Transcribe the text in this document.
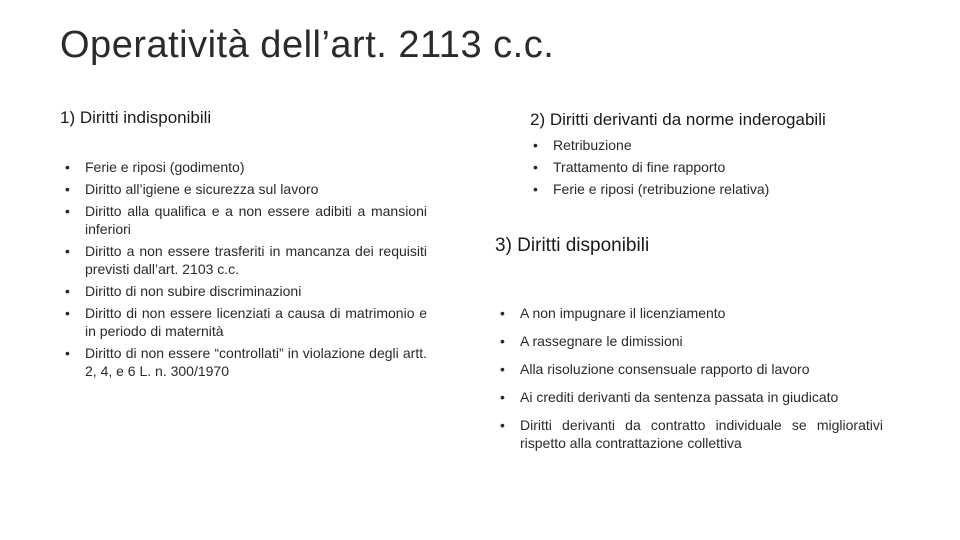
Operatività dell’art. 2113 c.c.
1) Diritti indisponibili
• Ferie e riposi (godimento)
• Diritto all’igiene e sicurezza sul lavoro
• Diritto alla qualifica e a non essere adibiti a mansioni inferiori
• Diritto a non essere trasferiti in mancanza dei requisiti previsti dall’art. 2103 c.c.
• Diritto di non subire discriminazioni
• Diritto di non essere licenziati a causa di matrimonio e in periodo di maternità
• Diritto di non essere “controllati” in violazione degli artt. 2, 4, e 6 L. n. 300/1970
2) Diritti derivanti da norme inderogabili
• Retribuzione
• Trattamento di fine rapporto
• Ferie e riposi (retribuzione relativa)
3) Diritti disponibili
• A non impugnare il licenziamento
• A rassegnare le dimissioni
• Alla risoluzione consensuale rapporto di lavoro
• Ai crediti derivanti da sentenza passata in giudicato
• Diritti derivanti da contratto individuale se migliorativi rispetto alla contrattazione collettiva
